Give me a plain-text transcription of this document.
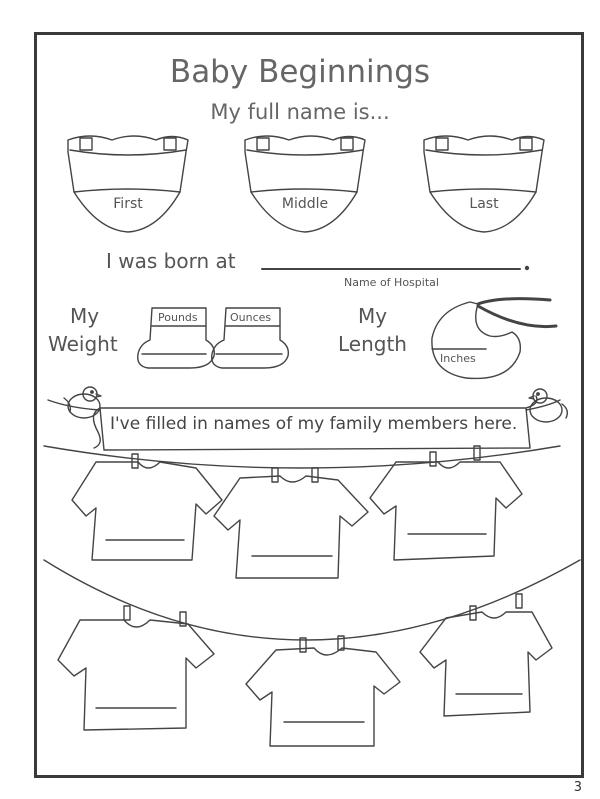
Baby Beginnings
My full name is...
First	Middle	Last
I was born at
Name of Hospital
My
Weight
Pounds	Ounces	My
Length
Inches
I've filled in names of my family members here.
3
